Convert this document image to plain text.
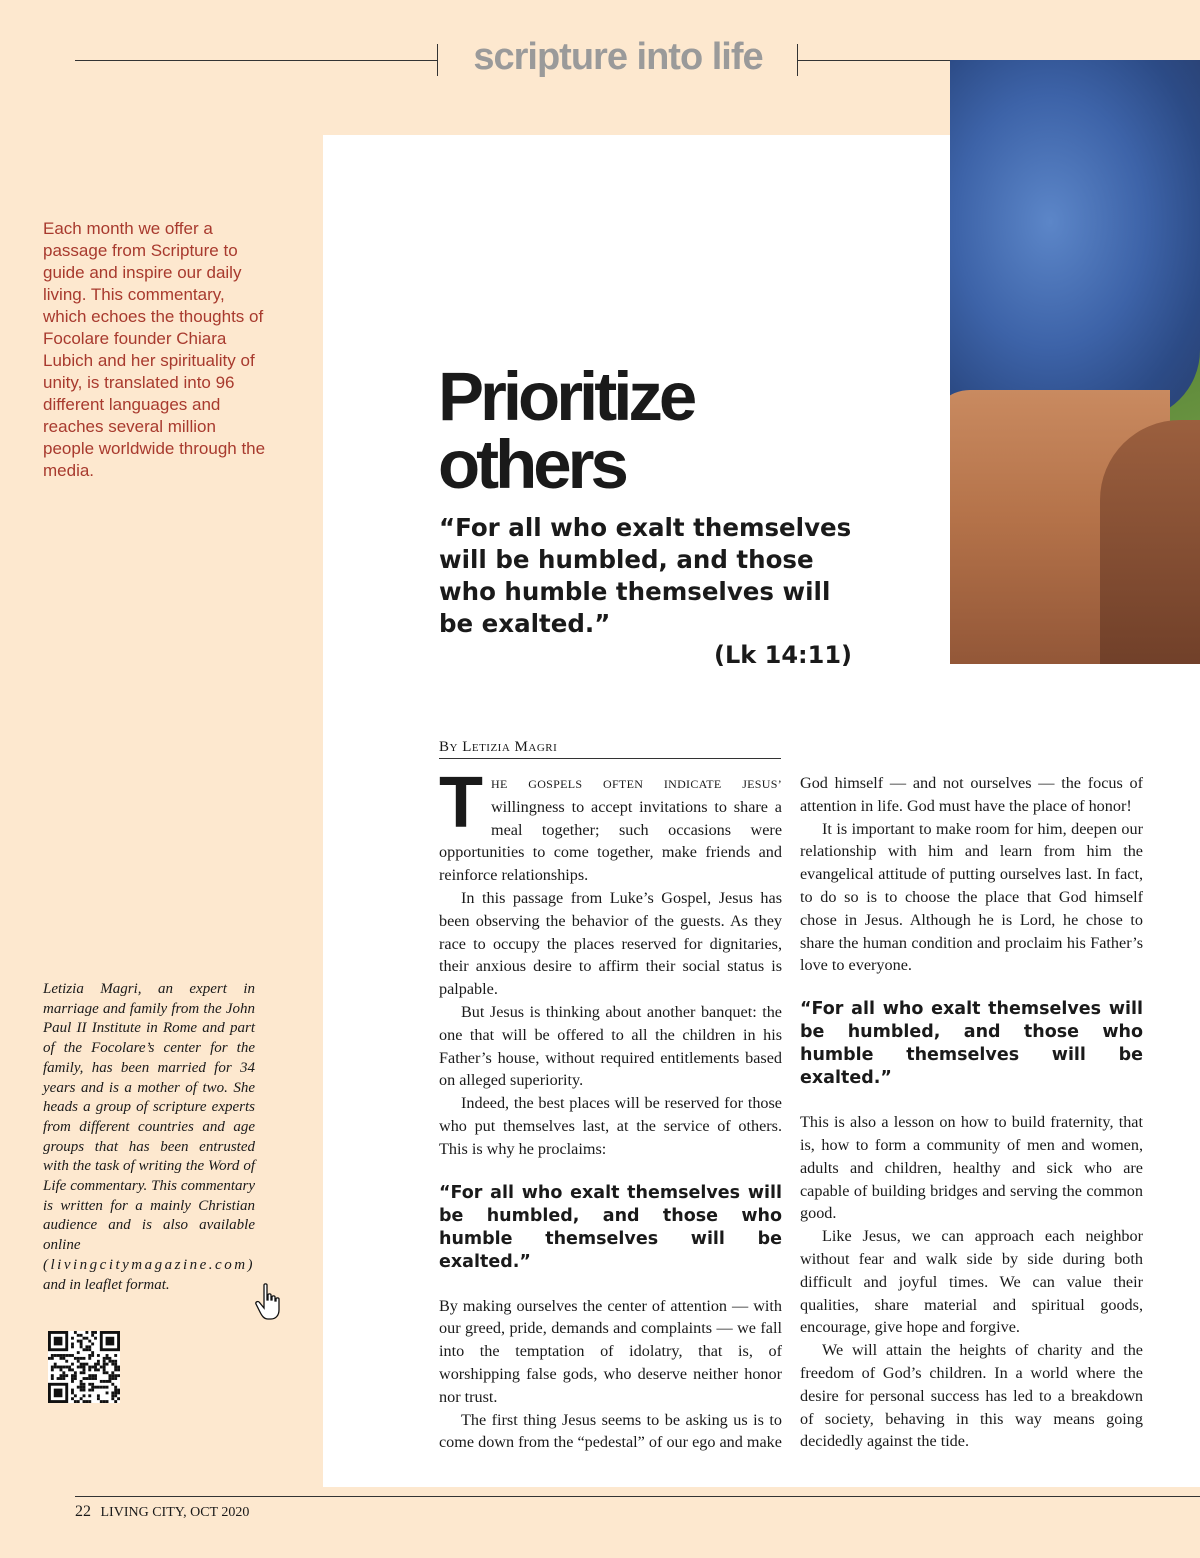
scripture into life
Each month we offer a passage from Scripture to guide and inspire our daily living. This commentary, which echoes the thoughts of Focolare founder Chiara Lubich and her spirituality of unity, is translated into 96 different languages and reaches several million people worldwide through the media.
Prioritize
others
“For all who exalt themselves will be humbled, and those who humble themselves will be exalted.”
(Lk 14:11)
By Letizia Magri

THE GOSPELS OFTEN INDICATE JESUS’ willingness to accept invitations to share a meal together; such occasions were opportunities to come together, make friends and reinforce relationships.

In this passage from Luke’s Gospel, Jesus has been observing the behavior of the guests. As they race to occupy the places reserved for dignitaries, their anxious desire to affirm their social status is palpable.

But Jesus is thinking about another banquet: the one that will be offered to all the children in his Father’s house, without required entitlements based on alleged superiority.

Indeed, the best places will be reserved for those who put themselves last, at the service of others. This is why he proclaims:

“For all who exalt themselves will be humbled, and those who humble themselves will be exalted.”

By making ourselves the center of attention — with our greed, pride, demands and complaints — we fall into the temptation of idolatry, that is, of worshipping false gods, who deserve neither honor nor trust.

The first thing Jesus seems to be asking us is to come down from the “pedestal” of our ego and make

God himself — and not ourselves — the focus of attention in life. God must have the place of honor!

It is important to make room for him, deepen our relationship with him and learn from him the evangelical attitude of putting ourselves last. In fact, to do so is to choose the place that God himself chose in Jesus. Although he is Lord, he chose to share the human condition and proclaim his Father’s love to everyone.

“For all who exalt themselves will be humbled, and those who humble themselves will be exalted.”

This is also a lesson on how to build fraternity, that is, how to form a community of men and women, adults and children, healthy and sick who are capable of building bridges and serving the common good.

Like Jesus, we can approach each neighbor without fear and walk side by side during both difficult and joyful times. We can value their qualities, share material and spiritual goods, encourage, give hope and forgive.

We will attain the heights of charity and the freedom of God’s children. In a world where the desire for personal success has led to a breakdown of society, behaving in this way means going decidedly against the tide.

Letizia Magri, an expert in marriage and family from the John Paul II Institute in Rome and part of the Focolare’s center for the family, has been married for 34 years and is a mother of two. She heads a group of scripture experts from different countries and age groups that has been entrusted with the task of writing the Word of Life commentary. This commentary is written for a mainly Christian audience and is also available online (livingcitymagazine.com) and in leaflet format.
22 LIVING CITY, OCT 2020
